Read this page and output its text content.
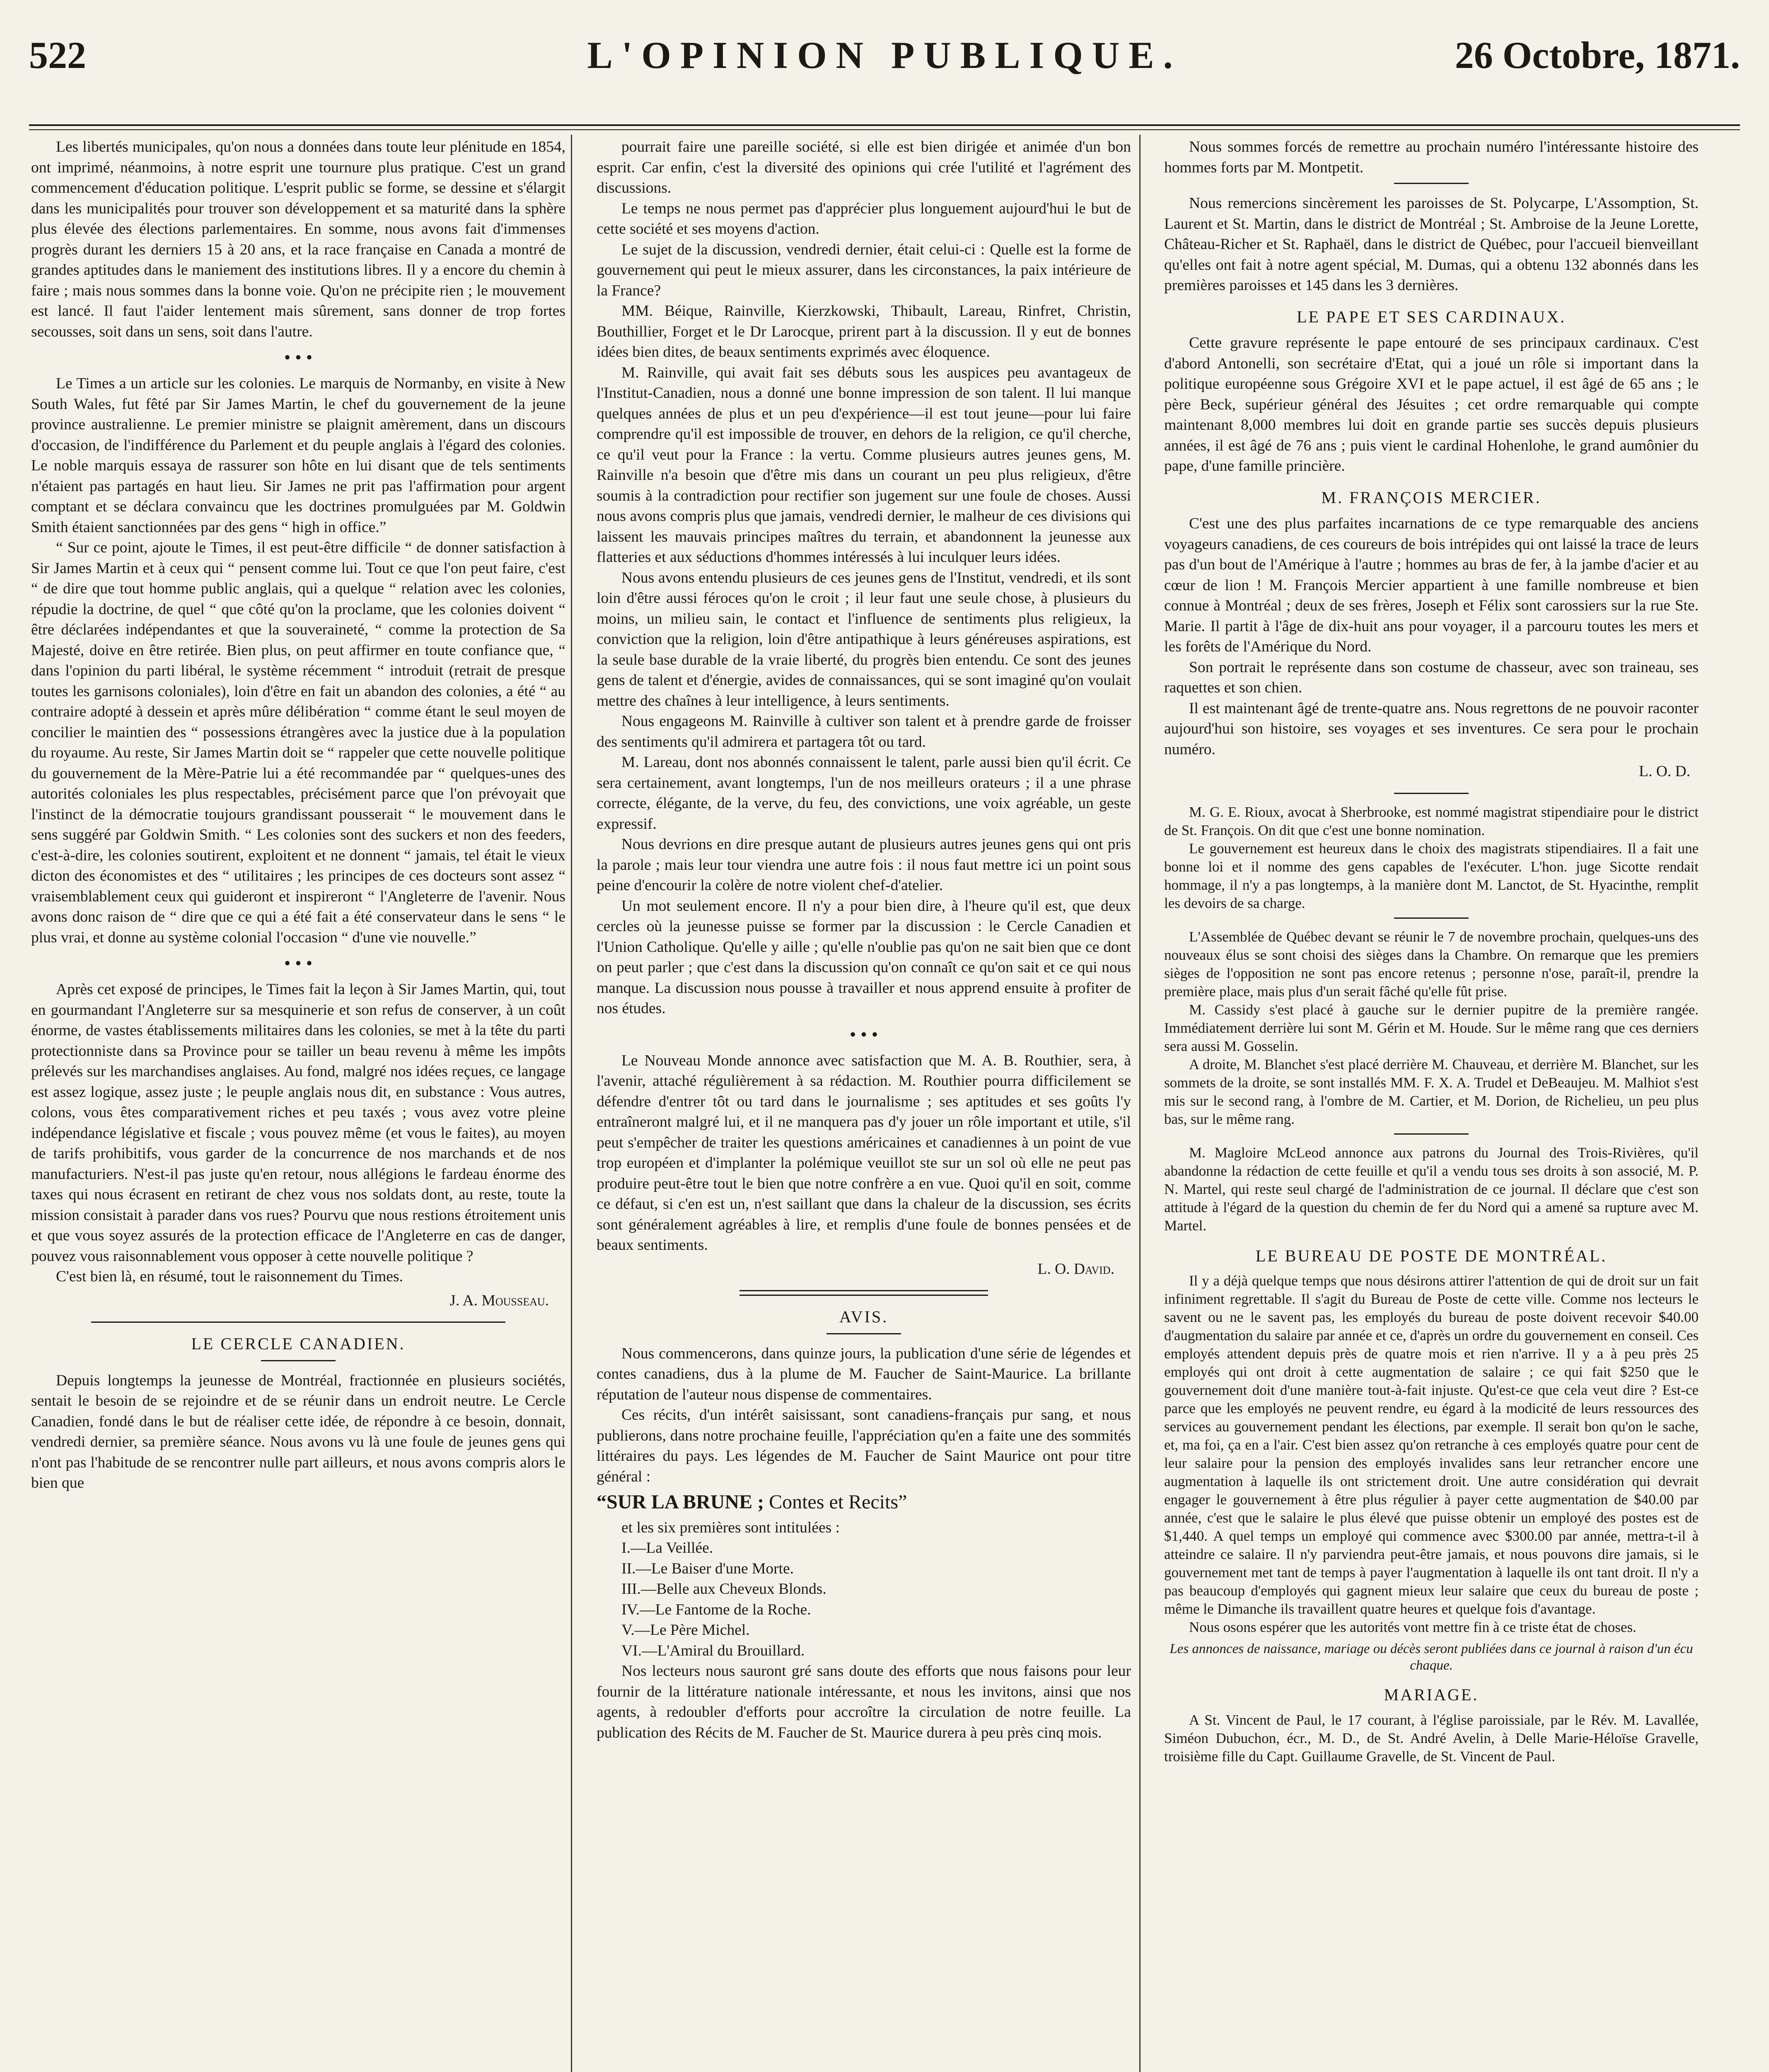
522	L'OPINION PUBLIQUE.	26 Octobre, 1871.

Les libertés municipales, qu'on nous a données dans toute leur plénitude en 1854, ont imprimé, néanmoins, à notre esprit une tournure plus pratique. C'est un grand commencement d'éducation politique. L'esprit public se forme, se dessine et s'élargit dans les municipalités pour trouver son développement et sa maturité dans la sphère plus élevée des élections parlementaires. En somme, nous avons fait d'immenses progrès durant les derniers 15 à 20 ans, et la race française en Canada a montré de grandes aptitudes dans le maniement des institutions libres. Il y a encore du chemin à faire ; mais nous sommes dans la bonne voie. Qu'on ne précipite rien ; le mouvement est lancé. Il faut l'aider lentement mais sûrement, sans donner de trop fortes secousses, soit dans un sens, soit dans l'autre.

• • •

Le Times a un article sur les colonies. Le marquis de Normanby, en visite à New South Wales, fut fêté par Sir James Martin, le chef du gouvernement de la jeune province australienne. Le premier ministre se plaignit amèrement, dans un discours d'occasion, de l'indifférence du Parlement et du peuple anglais à l'égard des colonies. Le noble marquis essaya de rassurer son hôte en lui disant que de tels sentiments n'étaient pas partagés en haut lieu. Sir James ne prit pas l'affirmation pour argent comptant et se déclara convaincu que les doctrines promulguées par M. Goldwin Smith étaient sanctionnées par des gens “ high in office.”

“ Sur ce point, ajoute le Times, il est peut-être difficile “ de donner satisfaction à Sir James Martin et à ceux qui “ pensent comme lui. Tout ce que l'on peut faire, c'est “ de dire que tout homme public anglais, qui a quelque “ relation avec les colonies, répudie la doctrine, de quel “ que côté qu'on la proclame, que les colonies doivent “ être déclarées indépendantes et que la souveraineté, “ comme la protection de Sa Majesté, doive en être retirée. Bien plus, on peut affirmer en toute confiance que, “ dans l'opinion du parti libéral, le système récemment “ introduit (retrait de presque toutes les garnisons coloniales), loin d'être en fait un abandon des colonies, a été “ au contraire adopté à dessein et après mûre délibération “ comme étant le seul moyen de concilier le maintien des “ possessions étrangères avec la justice due à la population du royaume. Au reste, Sir James Martin doit se “ rappeler que cette nouvelle politique du gouvernement de la Mère-Patrie lui a été recommandée par “ quelques-unes des autorités coloniales les plus respectables, précisément parce que l'on prévoyait que l'instinct de la démocratie toujours grandissant pousserait “ le mouvement dans le sens suggéré par Goldwin Smith. “ Les colonies sont des suckers et non des feeders, c'est-à-dire, les colonies soutirent, exploitent et ne donnent “ jamais, tel était le vieux dicton des économistes et des “ utilitaires ; les principes de ces docteurs sont assez “ vraisemblablement ceux qui guideront et inspireront “ l'Angleterre de l'avenir. Nous avons donc raison de “ dire que ce qui a été fait a été conservateur dans le sens “ le plus vrai, et donne au système colonial l'occasion “ d'une vie nouvelle.”

• • •

Après cet exposé de principes, le Times fait la leçon à Sir James Martin, qui, tout en gourmandant l'Angleterre sur sa mesquinerie et son refus de conserver, à un coût énorme, de vastes établissements militaires dans les colonies, se met à la tête du parti protectionniste dans sa Province pour se tailler un beau revenu à même les impôts prélevés sur les marchandises anglaises. Au fond, malgré nos idées reçues, ce langage est assez logique, assez juste ; le peuple anglais nous dit, en substance : Vous autres, colons, vous êtes comparativement riches et peu taxés ; vous avez votre pleine indépendance législative et fiscale ; vous pouvez même (et vous le faites), au moyen de tarifs prohibitifs, vous garder de la concurrence de nos marchands et de nos manufacturiers. N'est-il pas juste qu'en retour, nous allégions le fardeau énorme des taxes qui nous écrasent en retirant de chez vous nos soldats dont, au reste, toute la mission consistait à parader dans vos rues? Pourvu que nous restions étroitement unis et que vous soyez assurés de la protection efficace de l'Angleterre en cas de danger, pouvez vous raisonnablement vous opposer à cette nouvelle politique ?

C'est bien là, en résumé, tout le raisonnement du Times.

J. A. Mousseau.
LE CERCLE CANADIEN.

Depuis longtemps la jeunesse de Montréal, fractionnée en plusieurs sociétés, sentait le besoin de se rejoindre et de se réunir dans un endroit neutre. Le Cercle Canadien, fondé dans le but de réaliser cette idée, de répondre à ce besoin, donnait, vendredi dernier, sa première séance. Nous avons vu là une foule de jeunes gens qui n'ont pas l'habitude de se rencontrer nulle part ailleurs, et nous avons compris alors le bien que

pourrait faire une pareille société, si elle est bien dirigée et animée d'un bon esprit. Car enfin, c'est la diversité des opinions qui crée l'utilité et l'agrément des discussions.

Le temps ne nous permet pas d'apprécier plus longuement aujourd'hui le but de cette société et ses moyens d'action.

Le sujet de la discussion, vendredi dernier, était celui-ci : Quelle est la forme de gouvernement qui peut le mieux assurer, dans les circonstances, la paix intérieure de la France?

MM. Béique, Rainville, Kierzkowski, Thibault, Lareau, Rinfret, Christin, Bouthillier, Forget et le Dr Larocque, prirent part à la discussion. Il y eut de bonnes idées bien dites, de beaux sentiments exprimés avec éloquence.

M. Rainville, qui avait fait ses débuts sous les auspices peu avantageux de l'Institut-Canadien, nous a donné une bonne impression de son talent. Il lui manque quelques années de plus et un peu d'expérience—il est tout jeune—pour lui faire comprendre qu'il est impossible de trouver, en dehors de la religion, ce qu'il cherche, ce qu'il veut pour la France : la vertu. Comme plusieurs autres jeunes gens, M. Rainville n'a besoin que d'être mis dans un courant un peu plus religieux, d'être soumis à la contradiction pour rectifier son jugement sur une foule de choses. Aussi nous avons compris plus que jamais, vendredi dernier, le malheur de ces divisions qui laissent les mauvais principes maîtres du terrain, et abandonnent la jeunesse aux flatteries et aux séductions d'hommes intéressés à lui inculquer leurs idées.

Nous avons entendu plusieurs de ces jeunes gens de l'Institut, vendredi, et ils sont loin d'être aussi féroces qu'on le croit ; il leur faut une seule chose, à plusieurs du moins, un milieu sain, le contact et l'influence de sentiments plus religieux, la conviction que la religion, loin d'être antipathique à leurs généreuses aspirations, est la seule base durable de la vraie liberté, du progrès bien entendu. Ce sont des jeunes gens de talent et d'énergie, avides de connaissances, qui se sont imaginé qu'on voulait mettre des chaînes à leur intelligence, à leurs sentiments.

Nous engageons M. Rainville à cultiver son talent et à prendre garde de froisser des sentiments qu'il admirera et partagera tôt ou tard.

M. Lareau, dont nos abonnés connaissent le talent, parle aussi bien qu'il écrit. Ce sera certainement, avant longtemps, l'un de nos meilleurs orateurs ; il a une phrase correcte, élégante, de la verve, du feu, des convictions, une voix agréable, un geste expressif.

Nous devrions en dire presque autant de plusieurs autres jeunes gens qui ont pris la parole ; mais leur tour viendra une autre fois : il nous faut mettre ici un point sous peine d'encourir la colère de notre violent chef-d'atelier.

Un mot seulement encore. Il n'y a pour bien dire, à l'heure qu'il est, que deux cercles où la jeunesse puisse se former par la discussion : le Cercle Canadien et l'Union Catholique. Qu'elle y aille ; qu'elle n'oublie pas qu'on ne sait bien que ce dont on peut parler ; que c'est dans la discussion qu'on connaît ce qu'on sait et ce qui nous manque. La discussion nous pousse à travailler et nous apprend ensuite à profiter de nos études.

• • •

Le Nouveau Monde annonce avec satisfaction que M. A. B. Routhier, sera, à l'avenir, attaché régulièrement à sa rédaction. M. Routhier pourra difficilement se défendre d'entrer tôt ou tard dans le journalisme ; ses aptitudes et ses goûts l'y entraîneront malgré lui, et il ne manquera pas d'y jouer un rôle important et utile, s'il peut s'empêcher de traiter les questions américaines et canadiennes à un point de vue trop européen et d'implanter la polémique veuillot ste sur un sol où elle ne peut pas produire peut-être tout le bien que notre confrère a en vue. Quoi qu'il en soit, comme ce défaut, si c'en est un, n'est saillant que dans la chaleur de la discussion, ses écrits sont généralement agréables à lire, et remplis d'une foule de bonnes pensées et de beaux sentiments.

L. O. David.
AVIS.

Nous commencerons, dans quinze jours, la publication d'une série de légendes et contes canadiens, dus à la plume de M. Faucher de Saint-Maurice. La brillante réputation de l'auteur nous dispense de commentaires.

Ces récits, d'un intérêt saisissant, sont canadiens-français pur sang, et nous publierons, dans notre prochaine feuille, l'appréciation qu'en a faite une des sommités littéraires du pays. Les légendes de M. Faucher de Saint Maurice ont pour titre général :

“SUR LA BRUNE ; Contes et Recits”

et les six premières sont intitulées :

I.—La Veillée.

II.—Le Baiser d'une Morte.

III.—Belle aux Cheveux Blonds.

IV.—Le Fantome de la Roche.

V.—Le Père Michel.

VI.—L'Amiral du Brouillard.

Nos lecteurs nous sauront gré sans doute des efforts que nous faisons pour leur fournir de la littérature nationale intéressante, et nous les invitons, ainsi que nos agents, à redoubler d'efforts pour accroître la circulation de notre feuille. La publication des Récits de M. Faucher de St. Maurice durera à peu près cinq mois.

Nous sommes forcés de remettre au prochain numéro l'intéressante histoire des hommes forts par M. Montpetit.

Nous remercions sincèrement les paroisses de St. Polycarpe, L'Assomption, St. Laurent et St. Martin, dans le district de Montréal ; St. Ambroise de la Jeune Lorette, Château-Richer et St. Raphaël, dans le district de Québec, pour l'accueil bienveillant qu'elles ont fait à notre agent spécial, M. Dumas, qui a obtenu 132 abonnés dans les premières paroisses et 145 dans les 3 dernières.

LE PAPE ET SES CARDINAUX.

Cette gravure représente le pape entouré de ses principaux cardinaux. C'est d'abord Antonelli, son secrétaire d'Etat, qui a joué un rôle si important dans la politique européenne sous Grégoire XVI et le pape actuel, il est âgé de 65 ans ; le père Beck, supérieur général des Jésuites ; cet ordre remarquable qui compte maintenant 8,000 membres lui doit en grande partie ses succès depuis plusieurs années, il est âgé de 76 ans ; puis vient le cardinal Hohenlohe, le grand aumônier du pape, d'une famille princière.

M. FRANÇOIS MERCIER.

C'est une des plus parfaites incarnations de ce type remarquable des anciens voyageurs canadiens, de ces coureurs de bois intrépides qui ont laissé la trace de leurs pas d'un bout de l'Amérique à l'autre ; hommes au bras de fer, à la jambe d'acier et au cœur de lion ! M. François Mercier appartient à une famille nombreuse et bien connue à Montréal ; deux de ses frères, Joseph et Félix sont carossiers sur la rue Ste. Marie. Il partit à l'âge de dix-huit ans pour voyager, il a parcouru toutes les mers et les forêts de l'Amérique du Nord.

Son portrait le représente dans son costume de chasseur, avec son traineau, ses raquettes et son chien.

Il est maintenant âgé de trente-quatre ans. Nous regrettons de ne pouvoir raconter aujourd'hui son histoire, ses voyages et ses inventures. Ce sera pour le prochain numéro.

L. O. D.

M. G. E. Rioux, avocat à Sherbrooke, est nommé magistrat stipendiaire pour le district de St. François. On dit que c'est une bonne nomination.

Le gouvernement est heureux dans le choix des magistrats stipendiaires. Il a fait une bonne loi et il nomme des gens capables de l'exécuter. L'hon. juge Sicotte rendait hommage, il n'y a pas longtemps, à la manière dont M. Lanctot, de St. Hyacinthe, remplit les devoirs de sa charge.

L'Assemblée de Québec devant se réunir le 7 de novembre prochain, quelques-uns des nouveaux élus se sont choisi des sièges dans la Chambre. On remarque que les premiers sièges de l'opposition ne sont pas encore retenus ; personne n'ose, paraît-il, prendre la première place, mais plus d'un serait fâché qu'elle fût prise.

M. Cassidy s'est placé à gauche sur le dernier pupitre de la première rangée. Immédiatement derrière lui sont M. Gérin et M. Houde. Sur le même rang que ces derniers sera aussi M. Gosselin.

A droite, M. Blanchet s'est placé derrière M. Chauveau, et derrière M. Blanchet, sur les sommets de la droite, se sont installés MM. F. X. A. Trudel et DeBeaujeu. M. Malhiot s'est mis sur le second rang, à l'ombre de M. Cartier, et M. Dorion, de Richelieu, un peu plus bas, sur le même rang.

M. Magloire McLeod annonce aux patrons du Journal des Trois-Rivières, qu'il abandonne la rédaction de cette feuille et qu'il a vendu tous ses droits à son associé, M. P. N. Martel, qui reste seul chargé de l'administration de ce journal. Il déclare que c'est son attitude à l'égard de la question du chemin de fer du Nord qui a amené sa rupture avec M. Martel.

LE BUREAU DE POSTE DE MONTRÉAL.

Il y a déjà quelque temps que nous désirons attirer l'attention de qui de droit sur un fait infiniment regrettable. Il s'agit du Bureau de Poste de cette ville. Comme nos lecteurs le savent ou ne le savent pas, les employés du bureau de poste doivent recevoir $40.00 d'augmentation du salaire par année et ce, d'après un ordre du gouvernement en conseil. Ces employés attendent depuis près de quatre mois et rien n'arrive. Il y a à peu près 25 employés qui ont droit à cette augmentation de salaire ; ce qui fait $250 que le gouvernement doit d'une manière tout-à-fait injuste. Qu'est-ce que cela veut dire ? Est-ce parce que les employés ne peuvent rendre, eu égard à la modicité de leurs ressources des services au gouvernement pendant les élections, par exemple. Il serait bon qu'on le sache, et, ma foi, ça en a l'air. C'est bien assez qu'on retranche à ces employés quatre pour cent de leur salaire pour la pension des employés invalides sans leur retrancher encore une augmentation à laquelle ils ont strictement droit. Une autre considération qui devrait engager le gouvernement à être plus régulier à payer cette augmentation de $40.00 par année, c'est que le salaire le plus élevé que puisse obtenir un employé des postes est de $1,440. A quel temps un employé qui commence avec $300.00 par année, mettra-t-il à atteindre ce salaire. Il n'y parviendra peut-être jamais, et nous pouvons dire jamais, si le gouvernement met tant de temps à payer l'augmentation à laquelle ils ont tant droit. Il n'y a pas beaucoup d'employés qui gagnent mieux leur salaire que ceux du bureau de poste ; même le Dimanche ils travaillent quatre heures et quelque fois d'avantage.

Nous osons espérer que les autorités vont mettre fin à ce triste état de choses.

Les annonces de naissance, mariage ou décès seront publiées dans ce journal à raison d'un écu chaque.
MARIAGE.

A St. Vincent de Paul, le 17 courant, à l'église paroissiale, par le Rév. M. Lavallée, Siméon Dubuchon, écr., M. D., de St. André Avelin, à Delle Marie-Héloïse Gravelle, troisième fille du Capt. Guillaume Gravelle, de St. Vincent de Paul.
